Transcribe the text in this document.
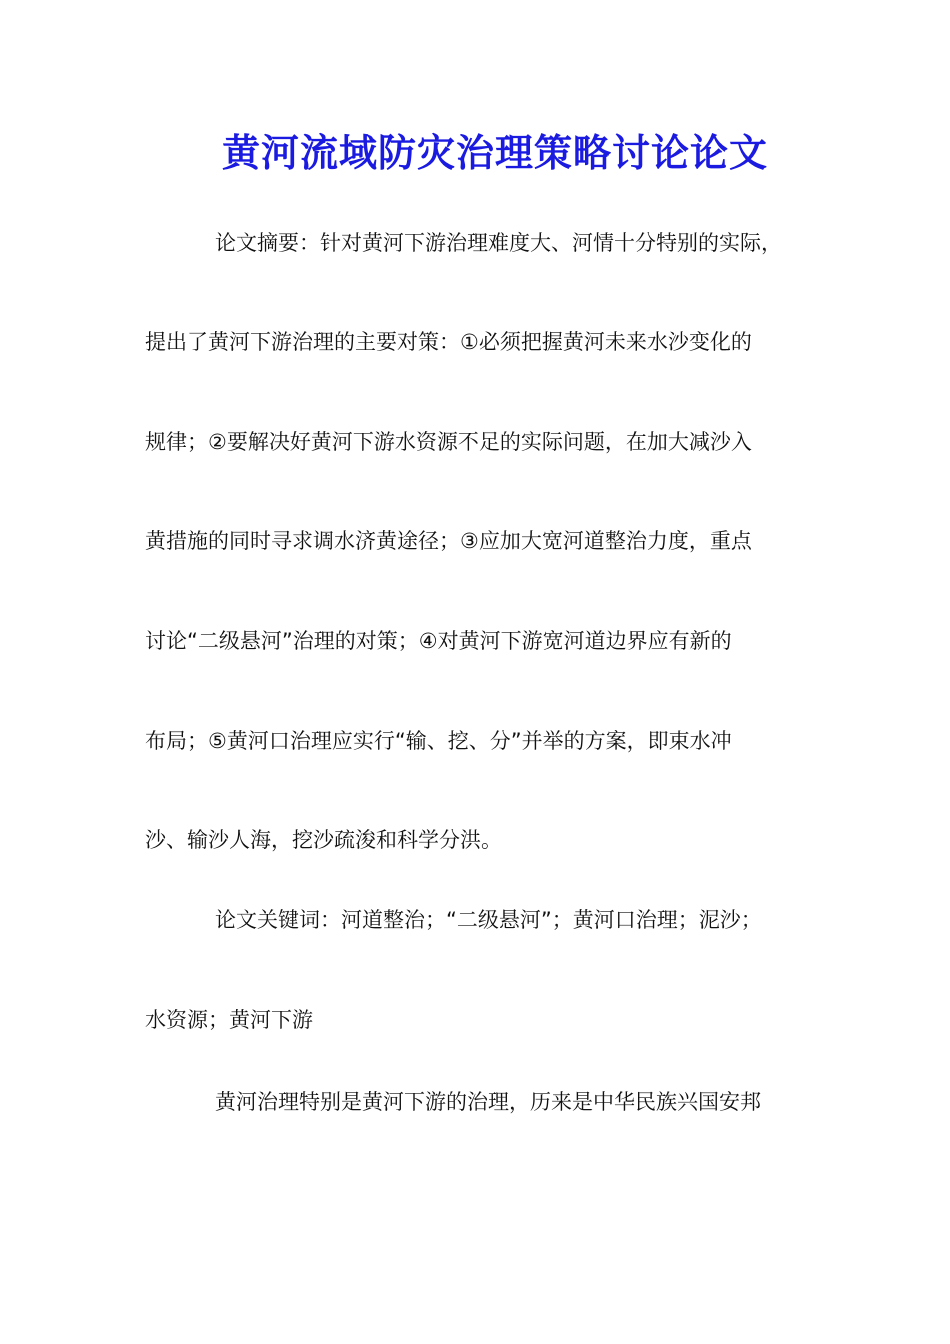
黄河流域防灾治理策略讨论论文
论文摘要：针对黄河下游治理难度大、河情十分特别的实际，
提出了黄河下游治理的主要对策：①必须把握黄河未来水沙变化的
规律；②要解决好黄河下游水资源不足的实际问题，在加大减沙入
黄措施的同时寻求调水济黄途径；③应加大宽河道整治力度，重点
讨论“二级悬河”治理的对策；④对黄河下游宽河道边界应有新的
布局；⑤黄河口治理应实行“输、挖、分”并举的方案，即束水冲
沙、输沙人海，挖沙疏浚和科学分洪。
论文关键词：河道整治；“二级悬河”；黄河口治理；泥沙；
水资源；黄河下游
黄河治理特别是黄河下游的治理，历来是中华民族兴国安邦
